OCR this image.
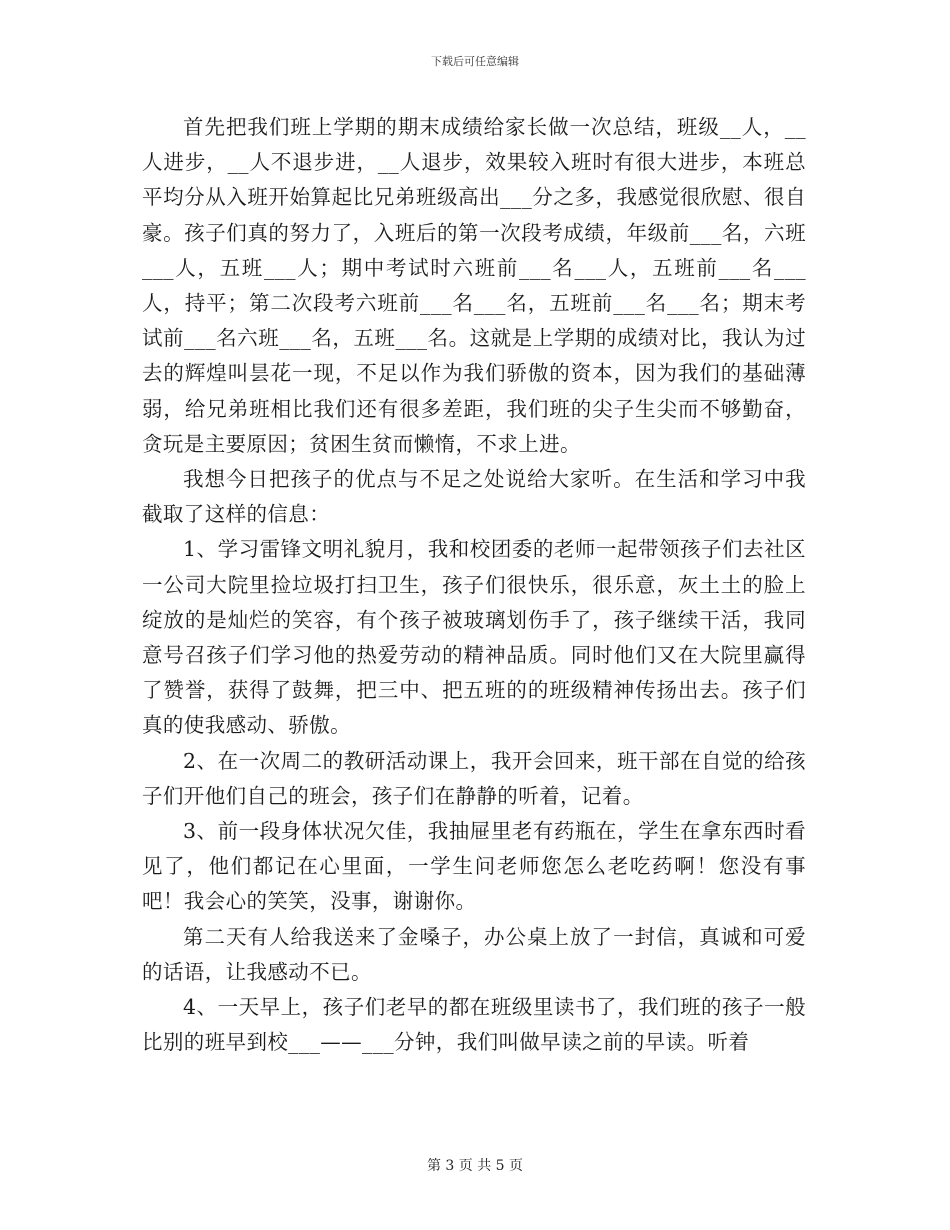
下载后可任意编辑

首先把我们班上学期的期末成绩给家长做一次总结，班级__人，__人进步，__人不退步进，__人退步，效果较入班时有很大进步，本班总平均分从入班开始算起比兄弟班级高出___分之多，我感觉很欣慰、很自豪。孩子们真的努力了，入班后的第一次段考成绩，年级前___名，六班___人，五班___人；期中考试时六班前___名___人，五班前___名___人，持平；第二次段考六班前___名___名，五班前___名___名；期末考试前___名六班___名，五班___名。这就是上学期的成绩对比，我认为过去的辉煌叫昙花一现，不足以作为我们骄傲的资本，因为我们的基础薄弱，给兄弟班相比我们还有很多差距，我们班的尖子生尖而不够勤奋，贪玩是主要原因；贫困生贫而懒惰，不求上进。

我想今日把孩子的优点与不足之处说给大家听。在生活和学习中我截取了这样的信息：

1、学习雷锋文明礼貌月，我和校团委的老师一起带领孩子们去社区一公司大院里捡垃圾打扫卫生，孩子们很快乐，很乐意，灰土土的脸上绽放的是灿烂的笑容，有个孩子被玻璃划伤手了，孩子继续干活，我同意号召孩子们学习他的热爱劳动的精神品质。同时他们又在大院里赢得了赞誉，获得了鼓舞，把三中、把五班的的班级精神传扬出去。孩子们真的使我感动、骄傲。

2、在一次周二的教研活动课上，我开会回来，班干部在自觉的给孩子们开他们自己的班会，孩子们在静静的听着，记着。

3、前一段身体状况欠佳，我抽屉里老有药瓶在，学生在拿东西时看见了，他们都记在心里面，一学生问老师您怎么老吃药啊！您没有事吧！我会心的笑笑，没事，谢谢你。

第二天有人给我送来了金嗓子，办公桌上放了一封信，真诚和可爱的话语，让我感动不已。

4、一天早上，孩子们老早的都在班级里读书了，我们班的孩子一般比别的班早到校___——___分钟，我们叫做早读之前的早读。听着

第 3 页 共 5 页
